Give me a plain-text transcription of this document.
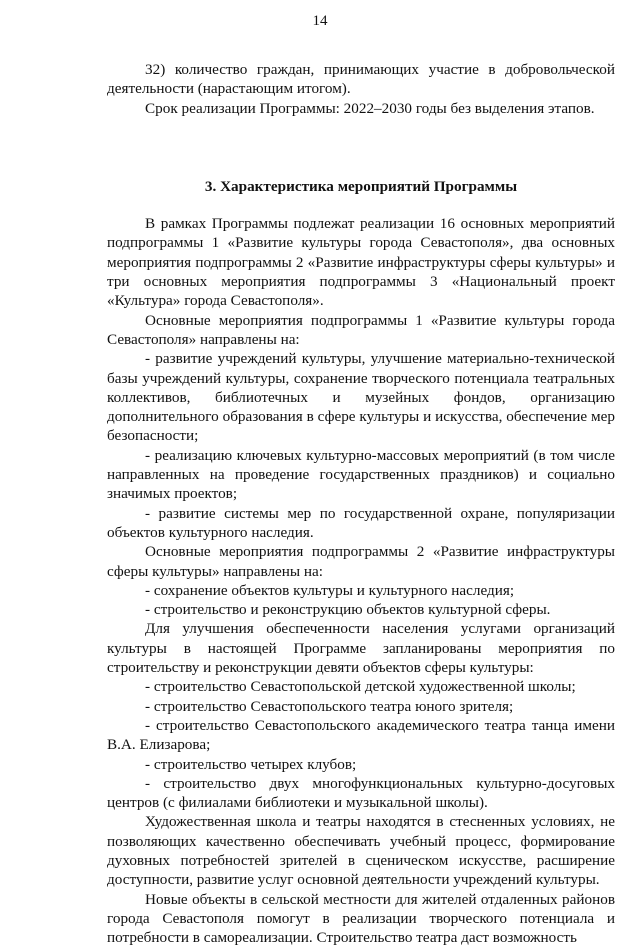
14

32) количество граждан, принимающих участие в добровольческой деятельности (нарастающим итогом).

Срок реализации Программы: 2022–2030 годы без выделения этапов.

3. Характеристика мероприятий Программы

В рамках Программы подлежат реализации 16 основных мероприятий подпрограммы 1 «Развитие культуры города Севастополя», два основных мероприятия подпрограммы 2 «Развитие инфраструктуры сферы культуры» и три основных мероприятия подпрограммы 3 «Национальный проект «Культура» города Севастополя».

Основные мероприятия подпрограммы 1 «Развитие культуры города Севастополя» направлены на:

- развитие учреждений культуры, улучшение материально-технической базы учреждений культуры, сохранение творческого потенциала театральных коллективов, библиотечных и музейных фондов, организацию дополнительного образования в сфере культуры и искусства, обеспечение мер безопасности;

- реализацию ключевых культурно-массовых мероприятий (в том числе направленных на проведение государственных праздников) и социально значимых проектов;

- развитие системы мер по государственной охране, популяризации объектов культурного наследия.

Основные мероприятия подпрограммы 2 «Развитие инфраструктуры сферы культуры» направлены на:

- сохранение объектов культуры и культурного наследия;

- строительство и реконструкцию объектов культурной сферы.

Для улучшения обеспеченности населения услугами организаций культуры в настоящей Программе запланированы мероприятия по строительству и реконструкции девяти объектов сферы культуры:

- строительство Севастопольской детской художественной школы;

- строительство Севастопольского театра юного зрителя;

- строительство Севастопольского академического театра танца имени В.А. Елизарова;

- строительство четырех клубов;

- строительство двух многофункциональных культурно-досуговых центров (с филиалами библиотеки и музыкальной школы).

Художественная школа и театры находятся в стесненных условиях, не позволяющих качественно обеспечивать учебный процесс, формирование духовных потребностей зрителей в сценическом искусстве, расширение доступности, развитие услуг основной деятельности учреждений культуры.

Новые объекты в сельской местности для жителей отдаленных районов города Севастополя помогут в реализации творческого потенциала и потребности в самореализации. Строительство театра даст возможность
